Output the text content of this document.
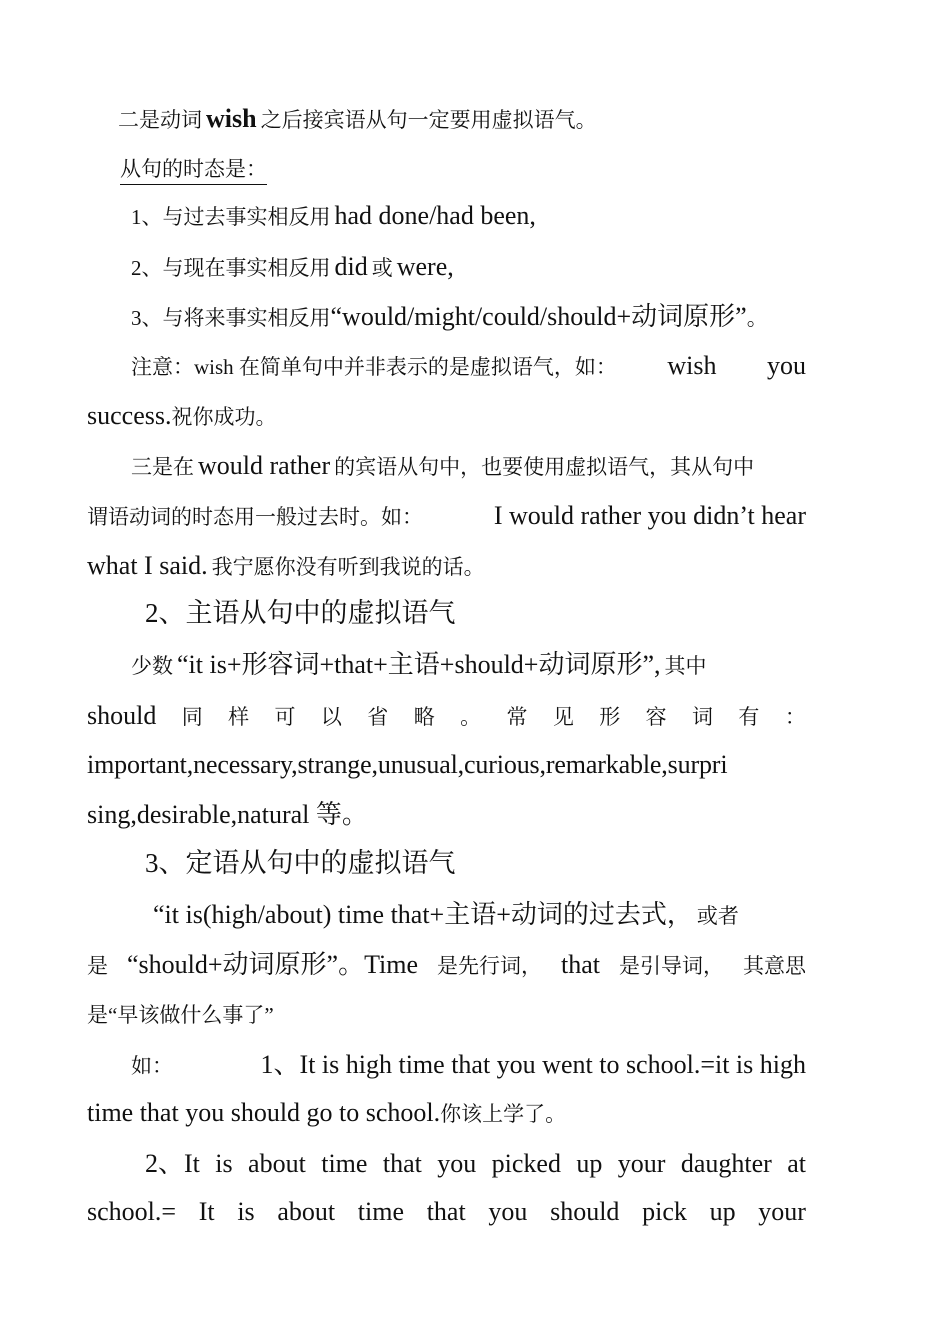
二是动词 wish 之后接宾语从句一定要用虚拟语气。
从句的时态是：
1、与过去事实相反用 had done/had been,
2、与现在事实相反用 did 或 were,
3、与将来事实相反用“would/might/could/should+动词原形”。
注意：wish 在简单句中并非表示的是虚拟语气，如： wish you
success.祝你成功。
三是在 would rather 的宾语从句中，也要使用虚拟语气，其从句中
谓语动词的时态用一般过去时。如：	I would rather you didn’t hear
what I said. 我宁愿你没有听到我说的话。
2、主语从句中的虚拟语气
少数 “it is+形容词+that+主语+should+动词原形”, 其中
should 同 样 可 以 省 略 。 常 见 形 容 词 有 ：
important,necessary,strange,unusual,curious,remarkable,surpri
sing,desirable,natural 等。
3、定语从句中的虚拟语气
“it is(high/about) time that+主语+动词的过去式， 或者
是 “should+动词原形”。Time 是先行词， that 是引导词， 其意思
是“早该做什么事了”
如：	1、It is high time that you went to school.=it is high
time that you should go to school.你该上学了。
2、It is about time that you picked up your daughter at
school.= It is about time that you should pick up your
